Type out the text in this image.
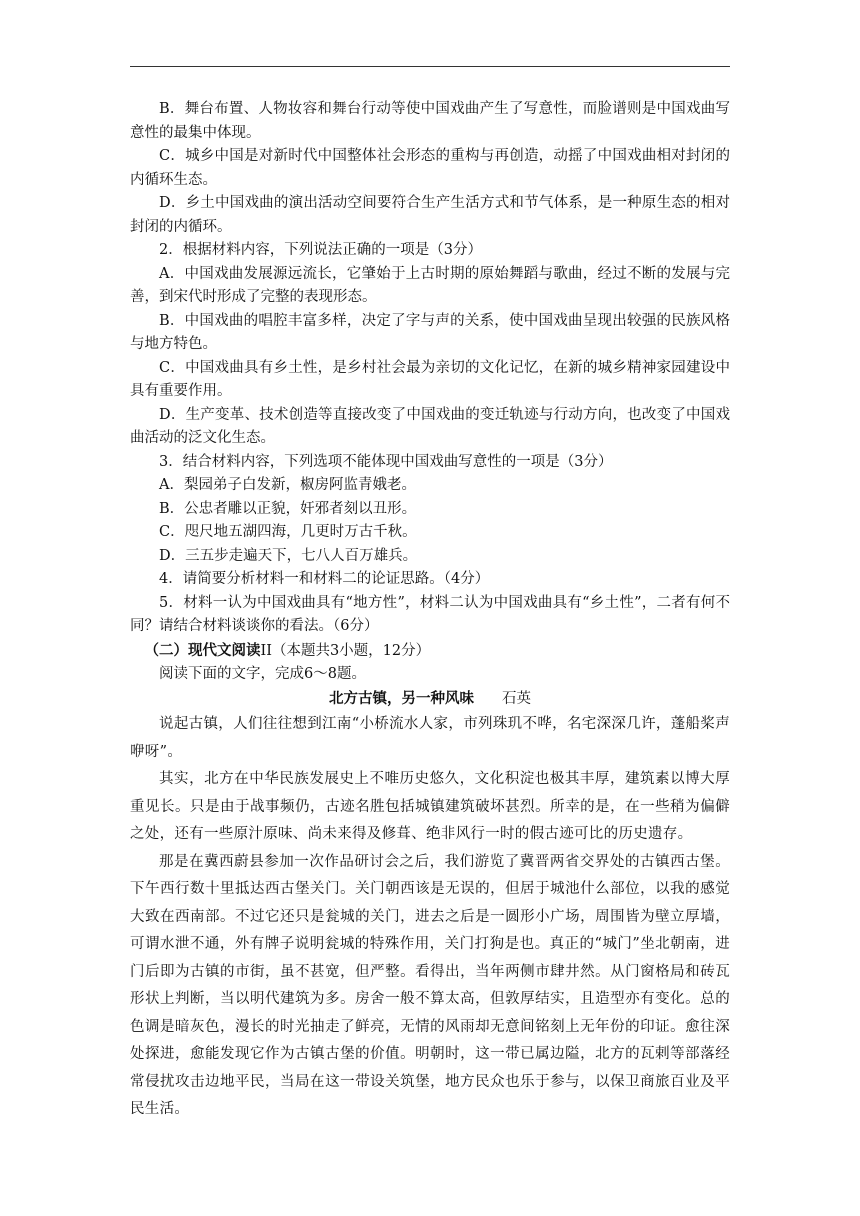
B．舞台布置、人物妆容和舞台行动等使中国戏曲产生了写意性，而脸谱则是中国戏曲写意性的最集中体现。

C．城乡中国是对新时代中国整体社会形态的重构与再创造，动摇了中国戏曲相对封闭的内循环生态。

D．乡土中国戏曲的演出活动空间要符合生产生活方式和节气体系，是一种原生态的相对封闭的内循环。

2．根据材料内容，下列说法正确的一项是（3分）

A．中国戏曲发展源远流长，它肇始于上古时期的原始舞蹈与歌曲，经过不断的发展与完善，到宋代时形成了完整的表现形态。

B．中国戏曲的唱腔丰富多样，决定了字与声的关系，使中国戏曲呈现出较强的民族风格与地方特色。

C．中国戏曲具有乡土性，是乡村社会最为亲切的文化记忆，在新的城乡精神家园建设中具有重要作用。

D．生产变革、技术创造等直接改变了中国戏曲的变迁轨迹与行动方向，也改变了中国戏曲活动的泛文化生态。

3．结合材料内容，下列选项不能体现中国戏曲写意性的一项是（3分）

A．梨园弟子白发新，椒房阿监青娥老。

B．公忠者雕以正貌，奸邪者刻以丑形。

C．咫尺地五湖四海，几更时万古千秋。

D．三五步走遍天下，七八人百万雄兵。

4．请简要分析材料一和材料二的论证思路。（4分）

5．材料一认为中国戏曲具有“地方性”，材料二认为中国戏曲具有“乡土性”，二者有何不同？请结合材料谈谈你的看法。（6分）

（二）现代文阅读II（本题共3小题，12分）

阅读下面的文字，完成6～8题。

北方古镇，另一种风味 石英

说起古镇，人们往往想到江南“小桥流水人家，市列珠玑不哗，名宅深深几许，蓬船桨声咿呀”。

其实，北方在中华民族发展史上不唯历史悠久，文化积淀也极其丰厚，建筑素以博大厚重见长。只是由于战事频仍，古迹名胜包括城镇建筑破坏甚烈。所幸的是，在一些稍为偏僻之处，还有一些原汁原味、尚未来得及修葺、绝非风行一时的假古迹可比的历史遗存。

那是在冀西蔚县参加一次作品研讨会之后，我们游览了冀晋两省交界处的古镇西古堡。下午西行数十里抵达西古堡关门。关门朝西该是无误的，但居于城池什么部位，以我的感觉大致在西南部。不过它还只是瓮城的关门，进去之后是一圆形小广场，周围皆为壁立厚墙，可谓水泄不通，外有牌子说明瓮城的特殊作用，关门打狗是也。真正的“城门”坐北朝南，进门后即为古镇的市街，虽不甚宽，但严整。看得出，当年两侧市肆井然。从门窗格局和砖瓦形状上判断，当以明代建筑为多。房舍一般不算太高，但敦厚结实，且造型亦有变化。总的色调是暗灰色，漫长的时光抽走了鲜亮，无情的风雨却无意间铭刻上无年份的印证。愈往深处探进，愈能发现它作为古镇古堡的价值。明朝时，这一带已属边隘，北方的瓦剌等部落经常侵扰攻击边地平民，当局在这一带设关筑堡，地方民众也乐于参与，以保卫商旅百业及平民生活。
